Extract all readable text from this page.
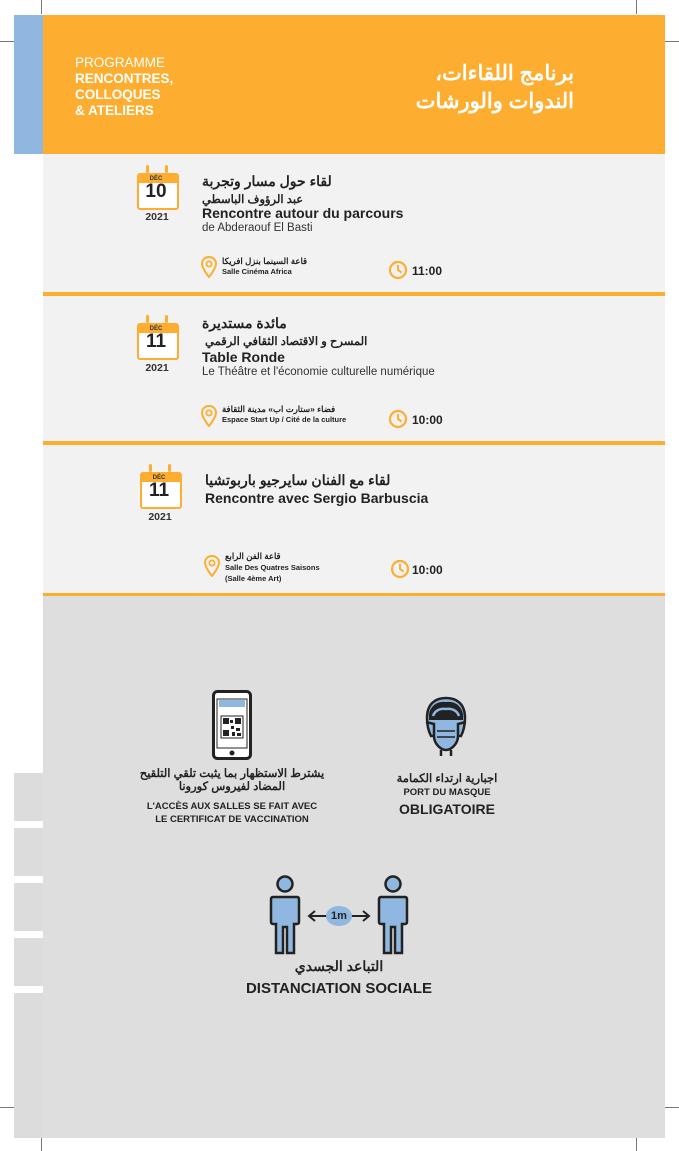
PROGRAMME
RENCONTRES,
COLLOQUES
& ATELIERS
برنامج اللقاءات،
الندوات والورشات
DÉC
10
2021
لقاء حول مسار وتجربة
عبد الرؤوف الباسطي
Rencontre autour du parcours
de Abderaouf El Basti
قاعة السينما بنزل افريكا
Salle Cinéma Africa	11:00
DÉC
11
2021
مائدة مستديرة
المسرح و الاقتصاد الثقافي الرقمي
Table Ronde
Le Théâtre et l'économie culturelle numérique
فضاء «ستارت اب» مدينة الثقافة
Espace Start Up / Cité de la culture	10:00
DÉC
11
2021
لقاء مع الفنان سايرجيو باربوتشيا
Rencontre avec Sergio Barbuscia
قاعة الفن الرابع
Salle Des Quatres Saisons
(Salle 4ème Art)
10:00
يشترط الاستظهار بما يثبت تلقي التلقيح
المضاد لفيروس كورونا
L'ACCÈS AUX SALLES SE FAIT AVEC
LE CERTIFICAT DE VACCINATION
اجبارية ارتداء الكمامة
PORT DU MASQUE
OBLIGATOIRE
1m
التباعد الجسدي
DISTANCIATION SOCIALE
